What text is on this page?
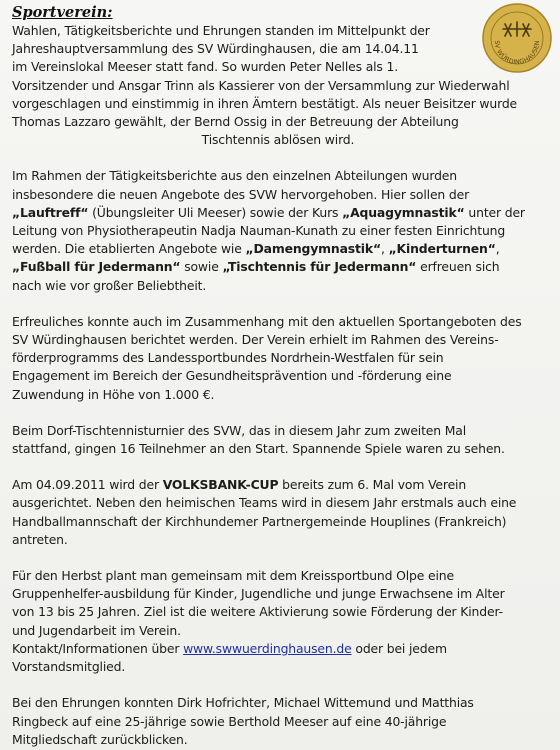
Sportverein:
SV WÜRDINGHAUSEN

Wahlen, Tätigkeitsberichte und Ehrungen standen im Mittelpunkt der
Jahreshauptversammlung des SV Würdinghausen, die am 14.04.11
im Vereinslokal Meeser statt fand. So wurden Peter Nelles als 1.
Vorsitzender und Ansgar Trinn als Kassierer von der Versammlung zur Wiederwahl
vorgeschlagen und einstimmig in ihren Ämtern bestätigt. Als neuer Beisitzer wurde
Thomas Lazzaro gewählt, der Bernd Ossig in der Betreuung der Abteilung
Tischtennis ablösen wird.

Im Rahmen der Tätigkeitsberichte aus den einzelnen Abteilungen wurden
insbesondere die neuen Angebote des SVW hervorgehoben. Hier sollen der
„Lauftreff“ (Übungsleiter Uli Meeser) sowie der Kurs „Aquagymnastik“ unter der
Leitung von Physiotherapeutin Nadja Nauman-Kunath zu einer festen Einrichtung
werden. Die etablierten Angebote wie „Damengymnastik“, „Kinderturnen“,
„Fußball für Jedermann“ sowie „Tischtennis für Jedermann“ erfreuen sich
nach wie vor großer Beliebtheit.

Erfreuliches konnte auch im Zusammenhang mit den aktuellen Sportangeboten des
SV Würdinghausen berichtet werden. Der Verein erhielt im Rahmen des Vereins-
förderprogramms des Landessportbundes Nordrhein-Westfalen für sein
Engagement im Bereich der Gesundheitsprävention und -förderung eine
Zuwendung in Höhe von 1.000 €.

Beim Dorf-Tischtennisturnier des SVW, das in diesem Jahr zum zweiten Mal
stattfand, gingen 16 Teilnehmer an den Start. Spannende Spiele waren zu sehen.

Am 04.09.2011 wird der VOLKSBANK-CUP bereits zum 6. Mal vom Verein
ausgerichtet. Neben den heimischen Teams wird in diesem Jahr erstmals auch eine
Handballmannschaft der Kirchhundemer Partnergemeinde Houplines (Frankreich)
antreten.

Für den Herbst plant man gemeinsam mit dem Kreissportbund Olpe eine
Gruppenhelfer-ausbildung für Kinder, Jugendliche und junge Erwachsene im Alter
von 13 bis 25 Jahren. Ziel ist die weitere Aktivierung sowie Förderung der Kinder-
und Jugendarbeit im Verein.
Kontakt/Informationen über www.swwuerdinghausen.de oder bei jedem
Vorstandsmitglied.

Bei den Ehrungen konnten Dirk Hofrichter, Michael Wittemund und Matthias
Ringbeck auf eine 25-jährige sowie Berthold Meeser auf eine 40-jährige
Mitgliedschaft zurückblicken.
